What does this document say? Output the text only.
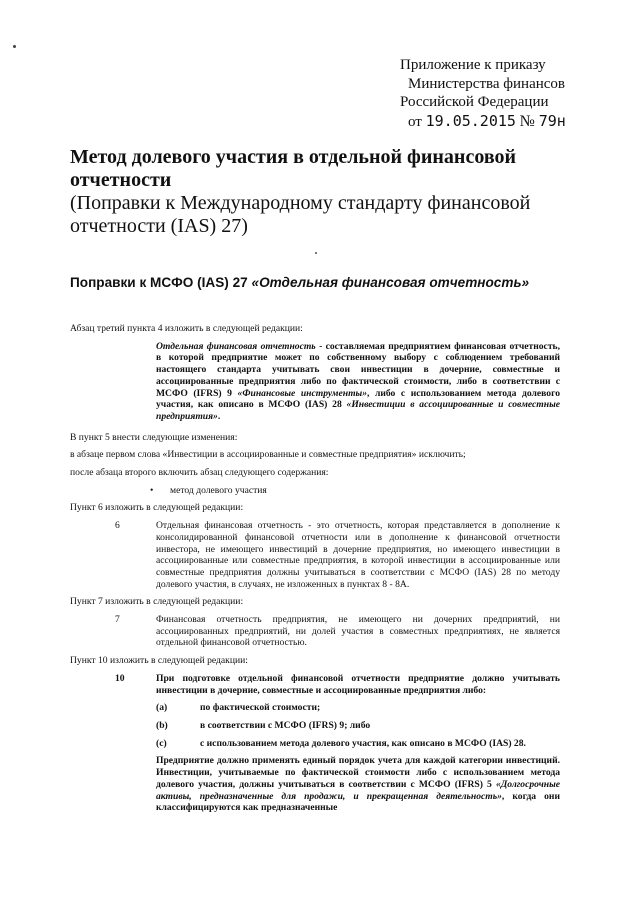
Приложение к приказу
Министерства финансов
Российской Федерации
от 19.05.2015 № 79н
Метод долевого участия в отдельной финансовой
отчетности
(Поправки к Международному стандарту финансовой
отчетности (IAS) 27)
Поправки к МСФО (IAS) 27 «Отдельная финансовая отчетность»

Абзац третий пункта 4 изложить в следующей редакции:

Отдельная финансовая отчетность - составляемая предприятием финансовая отчетность, в которой предприятие может по собственному выбору с соблюдением требований настоящего стандарта учитывать свои инвестиции в дочерние, совместные и ассоциированные предприятия либо по фактической стоимости, либо в соответствии с МСФО (IFRS) 9 «Финансовые инструменты», либо с использованием метода долевого участия, как описано в МСФО (IAS) 28 «Инвестиции в ассоциированные и совместные предприятия».

В пункт 5 внести следующие изменения:

в абзаце первом слова «Инвестиции в ассоциированные и совместные предприятия» исключить;

после абзаца второго включить абзац следующего содержания:

•	метод долевого участия

Пункт 6 изложить в следующей редакции:

6	Отдельная финансовая отчетность - это отчетность, которая представляется в дополнение к консолидированной финансовой отчетности или в дополнение к финансовой отчетности инвестора, не имеющего инвестиций в дочерние предприятия, но имеющего инвестиции в ассоциированные или совместные предприятия, в которой инвестиции в ассоциированные или совместные предприятия должны учитываться в соответствии с МСФО (IAS) 28 по методу долевого участия, в случаях, не изложенных в пунктах 8 - 8А.

Пункт 7 изложить в следующей редакции:

7	Финансовая отчетность предприятия, не имеющего ни дочерних предприятий, ни ассоциированных предприятий, ни долей участия в совместных предприятиях, не является отдельной финансовой отчетностью.

Пункт 10 изложить в следующей редакции:

10	При подготовке отдельной финансовой отчетности предприятие должно учитывать инвестиции в дочерние, совместные и ассоциированные предприятия либо:
(a)	по фактической стоимости;
(b)	в соответствии с МСФО (IFRS) 9; либо
(c)	с использованием метода долевого участия, как описано в МСФО (IAS) 28.

Предприятие должно применять единый порядок учета для каждой категории инвестиций. Инвестиции, учитываемые по фактической стоимости либо с использованием метода долевого участия, должны учитываться в соответствии с МСФО (IFRS) 5 «Долгосрочные активы, предназначенные для продажи, и прекращенная деятельность», когда они классифицируются как предназначенные
